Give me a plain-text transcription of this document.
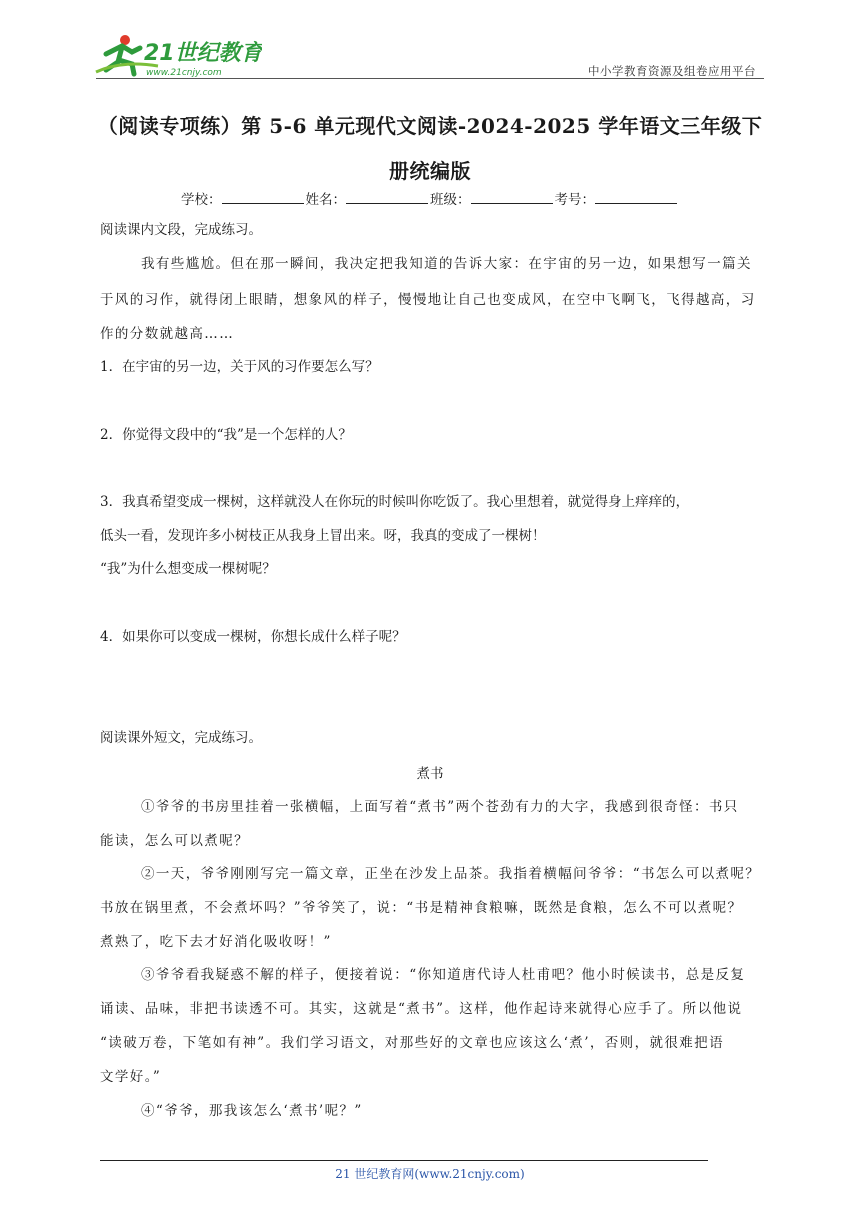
21世纪教育
www.21cnjy.com	中小学教育资源及组卷应用平台
（阅读专项练）第 5-6 单元现代文阅读-2024-2025 学年语文三年级下
册统编版
学校：	姓名：	班级：	考号：
阅读课内文段，完成练习。
我有些尴尬。但在那一瞬间，我决定把我知道的告诉大家：在宇宙的另一边，如果想写一篇关
于风的习作，就得闭上眼睛，想象风的样子，慢慢地让自己也变成风，在空中飞啊飞，飞得越高，习
作的分数就越高……
1．在宇宙的另一边，关于风的习作要怎么写？
2．你觉得文段中的“我”是一个怎样的人？
3．我真希望变成一棵树，这样就没人在你玩的时候叫你吃饭了。我心里想着，就觉得身上痒痒的，
低头一看，发现许多小树枝正从我身上冒出来。呀，我真的变成了一棵树！
“我”为什么想变成一棵树呢？
4．如果你可以变成一棵树，你想长成什么样子呢？
阅读课外短文，完成练习。
煮书
①爷爷的书房里挂着一张横幅，上面写着“煮书”两个苍劲有力的大字，我感到很奇怪：书只
能读，怎么可以煮呢？
②一天，爷爷刚刚写完一篇文章，正坐在沙发上品茶。我指着横幅问爷爷：“书怎么可以煮呢？
书放在锅里煮，不会煮坏吗？”爷爷笑了，说：“书是精神食粮嘛，既然是食粮，怎么不可以煮呢？
煮熟了，吃下去才好消化吸收呀！”
③爷爷看我疑惑不解的样子，便接着说：“你知道唐代诗人杜甫吧？他小时候读书，总是反复
诵读、品味，非把书读透不可。其实，这就是“煮书”。这样，他作起诗来就得心应手了。所以他说
“读破万卷，下笔如有神”。我们学习语文，对那些好的文章也应该这么‘煮’，否则，就很难把语
文学好。”
④“爷爷，那我该怎么‘煮书’呢？”
21 世纪教育网(www.21cnjy.com)
